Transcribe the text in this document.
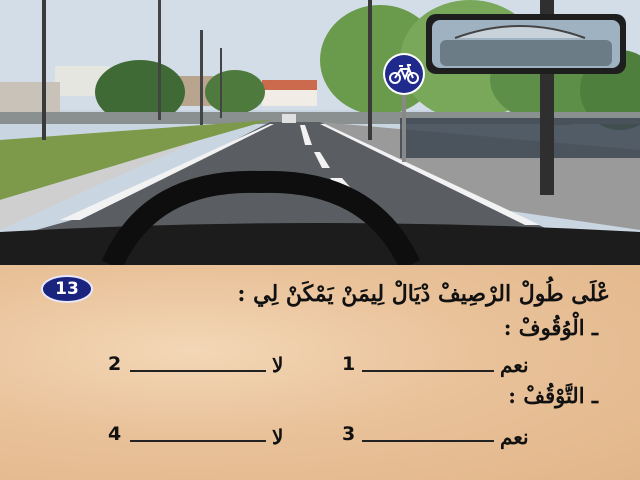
13	عْلَى طُولْ الرْصِيفْ دْيَالْ لِيمَنْ يَمْكَنْ لِي :
ـ الْوُقُوفْ :
نعم
1
لا
2
ـ التَّوْقُفْ :
نعم
3
لا
4
